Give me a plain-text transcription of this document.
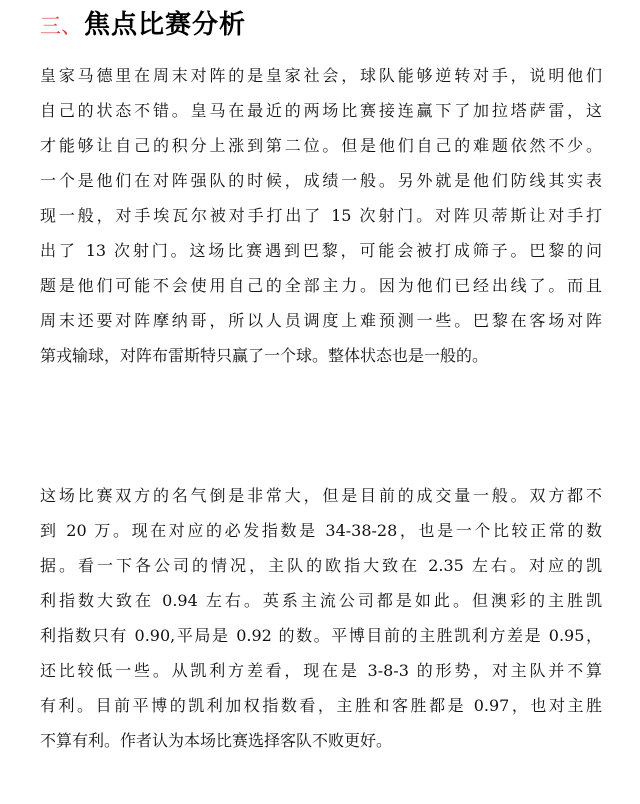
三、 焦点比赛分析

皇家马德里在周末对阵的是皇家社会，球队能够逆转对手，说明他们
自己的状态不错。皇马在最近的两场比赛接连赢下了加拉塔萨雷，这
才能够让自己的积分上涨到第二位。但是他们自己的难题依然不少。
一个是他们在对阵强队的时候，成绩一般。另外就是他们防线其实表
现一般，对手埃瓦尔被对手打出了 15 次射门。对阵贝蒂斯让对手打
出了 13 次射门。这场比赛遇到巴黎，可能会被打成筛子。巴黎的问
题是他们可能不会使用自己的全部主力。因为他们已经出线了。而且
周末还要对阵摩纳哥，所以人员调度上难预测一些。巴黎在客场对阵
第戎输球，对阵布雷斯特只赢了一个球。整体状态也是一般的。

这场比赛双方的名气倒是非常大，但是目前的成交量一般。双方都不
到 20 万。现在对应的必发指数是 34-38-28，也是一个比较正常的数
据。看一下各公司的情况，主队的欧指大致在 2.35 左右。对应的凯
利指数大致在 0.94 左右。英系主流公司都是如此。但澳彩的主胜凯
利指数只有 0.90,平局是 0.92 的数。平博目前的主胜凯利方差是 0.95，
还比较低一些。从凯利方差看，现在是 3-8-3 的形势，对主队并不算
有利。目前平博的凯利加权指数看，主胜和客胜都是 0.97，也对主胜
不算有利。作者认为本场比赛选择客队不败更好。
